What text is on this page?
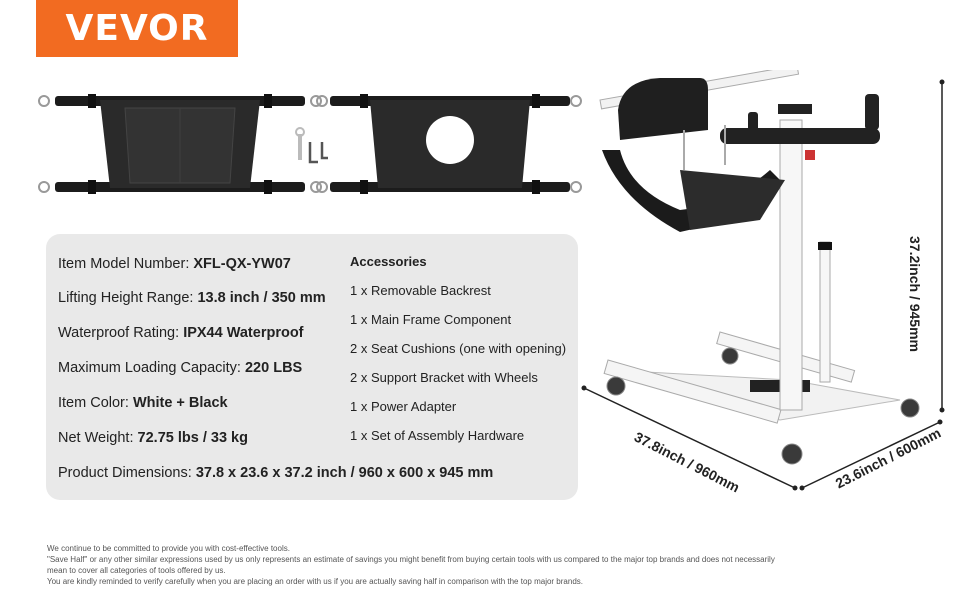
VEVOR
Item Model Number: XFL-QX-YW07
Lifting Height Range: 13.8 inch / 350 mm
Waterproof Rating: IPX44 Waterproof
Maximum Loading Capacity: 220 LBS
Item Color: White + Black
Net Weight: 72.75 lbs / 33 kg
Product Dimensions: 37.8 x 23.6 x 37.2 inch / 960 x 600 x 945 mm
Accessories
1 x Removable Backrest
1 x Main Frame Component
2 x Seat Cushions (one with opening)
2 x Support Bracket with Wheels
1 x Power Adapter
1 x Set of Assembly Hardware
37.2inch / 945mm
37.8inch / 960mm	23.6inch / 600mm
We continue to be committed to provide you with cost-effective tools.
"Save Half" or any other similar expressions used by us only represents an estimate of savings you might benefit from buying certain tools with us compared to the major top brands and does not necessarily
mean to cover all categories of tools offered by us.
You are kindly reminded to verify carefully when you are placing an order with us if you are actually saving half in comparison with the top major brands.
